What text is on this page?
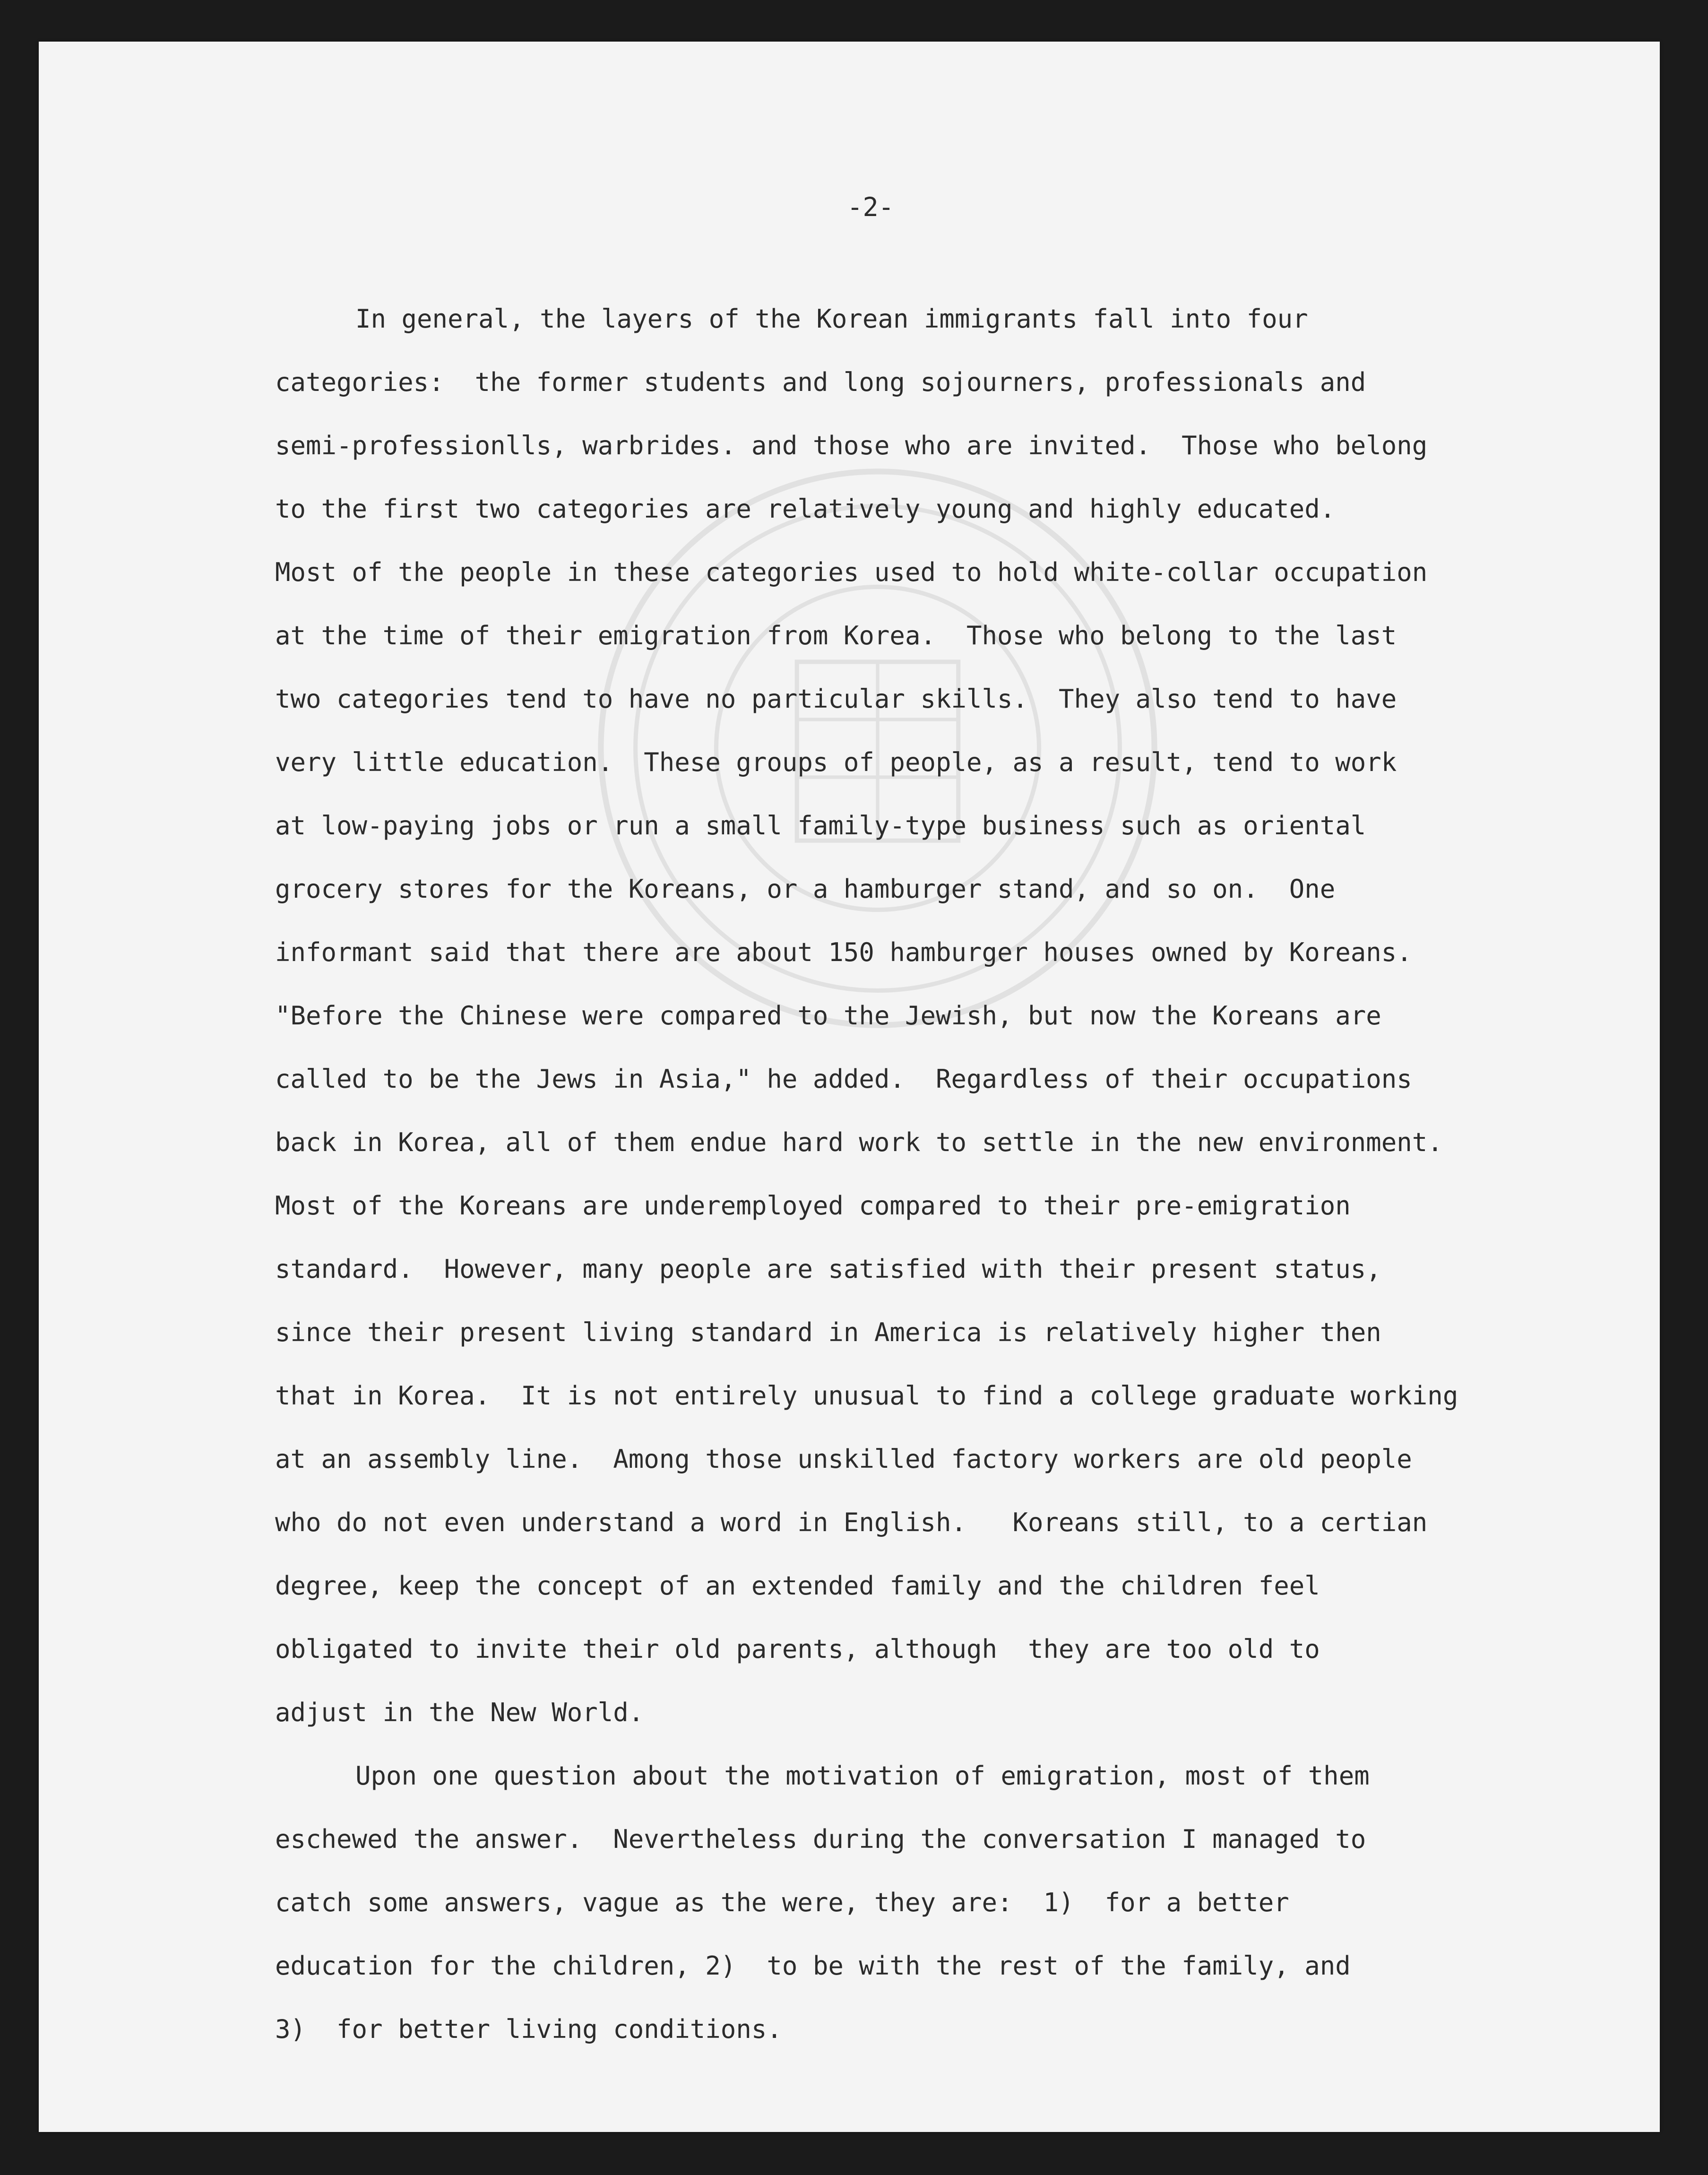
-2-

In general, the layers of the Korean immigrants fall into four
categories:  the former students and long sojourners, professionals and
semi-professionlls, warbrides. and those who are invited.  Those who belong
to the first two categories are relatively young and highly educated.
Most of the people in these categories used to hold white-collar occupation
at the time of their emigration from Korea.  Those who belong to the last
two categories tend to have no particular skills.  They also tend to have
very little education.  These groups of people, as a result, tend to work
at low-paying jobs or run a small family-type business such as oriental
grocery stores for the Koreans, or a hamburger stand, and so on.  One
informant said that there are about 150 hamburger houses owned by Koreans.
"Before the Chinese were compared to the Jewish, but now the Koreans are
called to be the Jews in Asia," he added.  Regardless of their occupations
back in Korea, all of them endue hard work to settle in the new environment.
Most of the Koreans are underemployed compared to their pre-emigration
standard.  However, many people are satisfied with their present status,
since their present living standard in America is relatively higher then
that in Korea.  It is not entirely unusual to find a college graduate working
at an assembly line.  Among those unskilled factory workers are old people
who do not even understand a word in English.   Koreans still, to a certian
degree, keep the concept of an extended family and the children feel
obligated to invite their old parents, although  they are too old to
adjust in the New World.
Upon one question about the motivation of emigration, most of them
eschewed the answer.  Nevertheless during the conversation I managed to
catch some answers, vague as the were, they are:  1)  for a better
education for the children, 2)  to be with the rest of the family, and
3)  for better living conditions.
